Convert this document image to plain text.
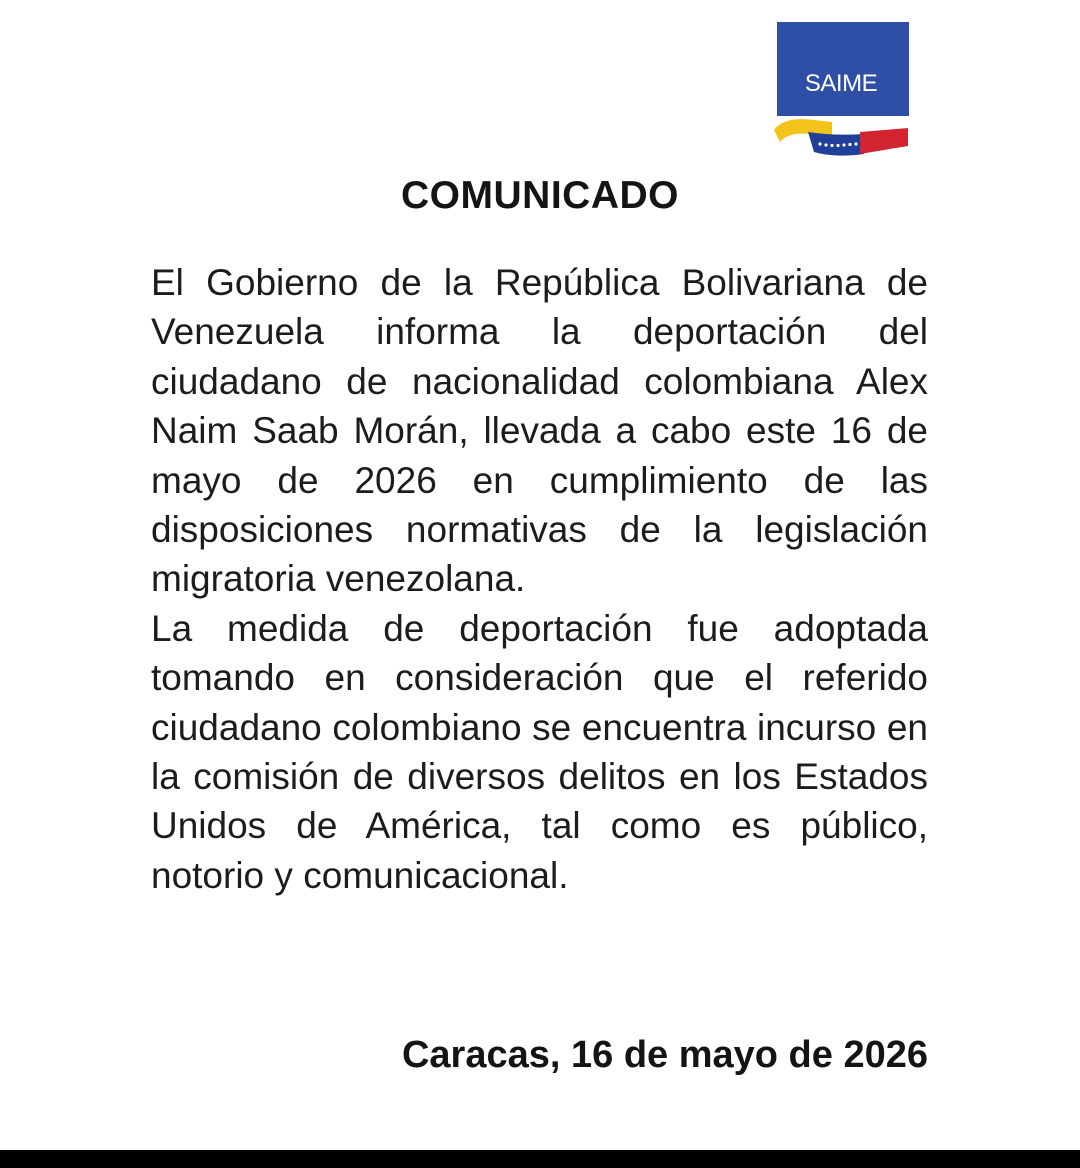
SAIME
COMUNICADO

El Gobierno de la República Bolivariana de Venezuela informa la deportación del ciudadano de nacionalidad colombiana Alex Naim Saab Morán, llevada a cabo este 16 de mayo de 2026 en cumplimiento de las disposiciones normativas de la legislación migratoria venezolana.

La medida de deportación fue adoptada tomando en consideración que el referido ciudadano colombiano se encuentra incurso en la comisión de diversos delitos en los Estados Unidos de América, tal como es público, notorio y comunicacional.

Caracas, 16 de mayo de 2026
